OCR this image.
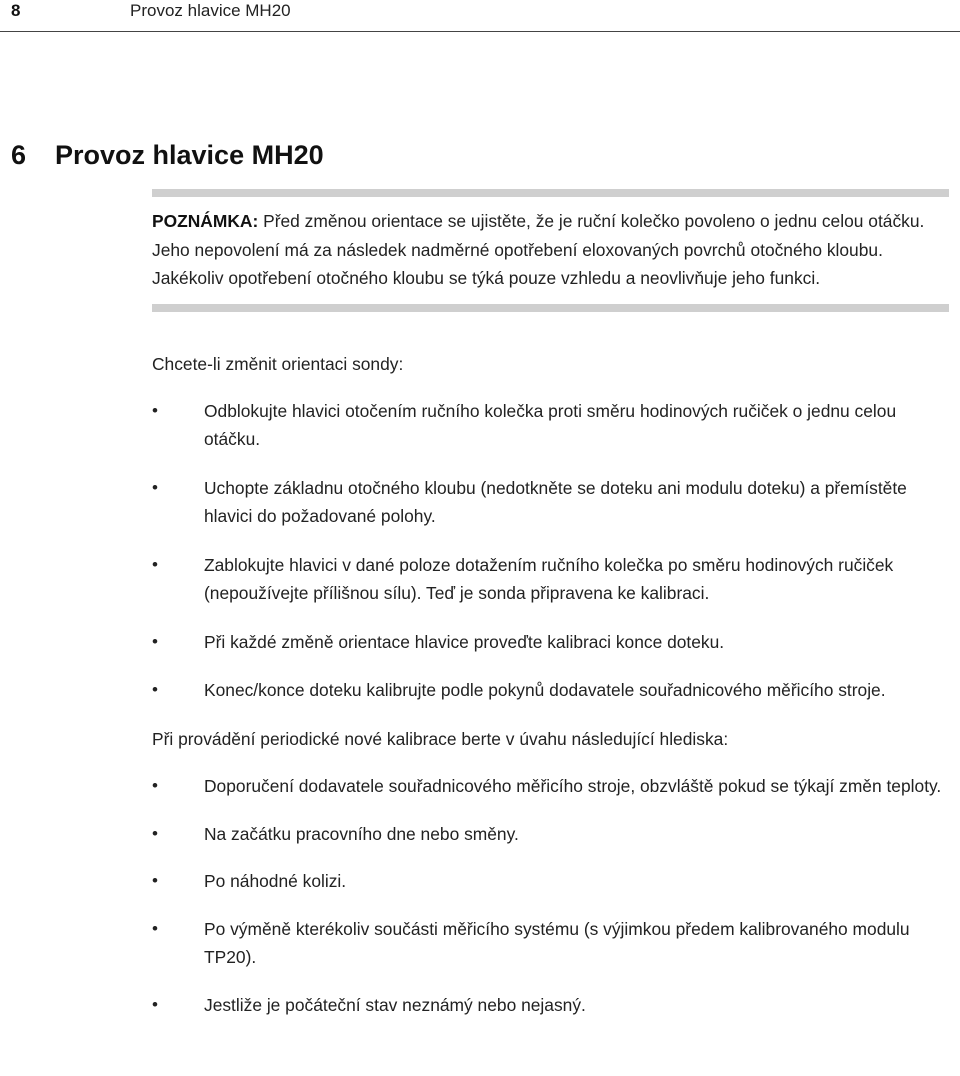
8	Provoz hlavice MH20
6 Provoz hlavice MH20
POZNÁMKA: Před změnou orientace se ujistěte, že je ruční kolečko povoleno o jednu celou otáčku. Jeho nepovolení má za následek nadměrné opotřebení eloxovaných povrchů otočného kloubu. Jakékoliv opotřebení otočného kloubu se týká pouze vzhledu a neovlivňuje jeho funkci.

Chcete-li změnit orientaci sondy:

•	Odblokujte hlavici otočením ručního kolečka proti směru hodinových ručiček o jednu celou otáčku.
•	Uchopte základnu otočného kloubu (nedotkněte se doteku ani modulu doteku) a přemístěte hlavici do požadované polohy.
•	Zablokujte hlavici v dané poloze dotažením ručního kolečka po směru hodinových ručiček (nepoužívejte přílišnou sílu). Teď je sonda připravena ke kalibraci.
•	Při každé změně orientace hlavice proveďte kalibraci konce doteku.
•	Konec/konce doteku kalibrujte podle pokynů dodavatele souřadnicového měřicího stroje.

Při provádění periodické nové kalibrace berte v úvahu následující hlediska:

•	Doporučení dodavatele souřadnicového měřicího stroje, obzvláště pokud se týkají změn teploty.
•	Na začátku pracovního dne nebo směny.
•	Po náhodné kolizi.
•	Po výměně kterékoliv součásti měřicího systému (s výjimkou předem kalibrovaného modulu TP20).
•	Jestliže je počáteční stav neznámý nebo nejasný.
